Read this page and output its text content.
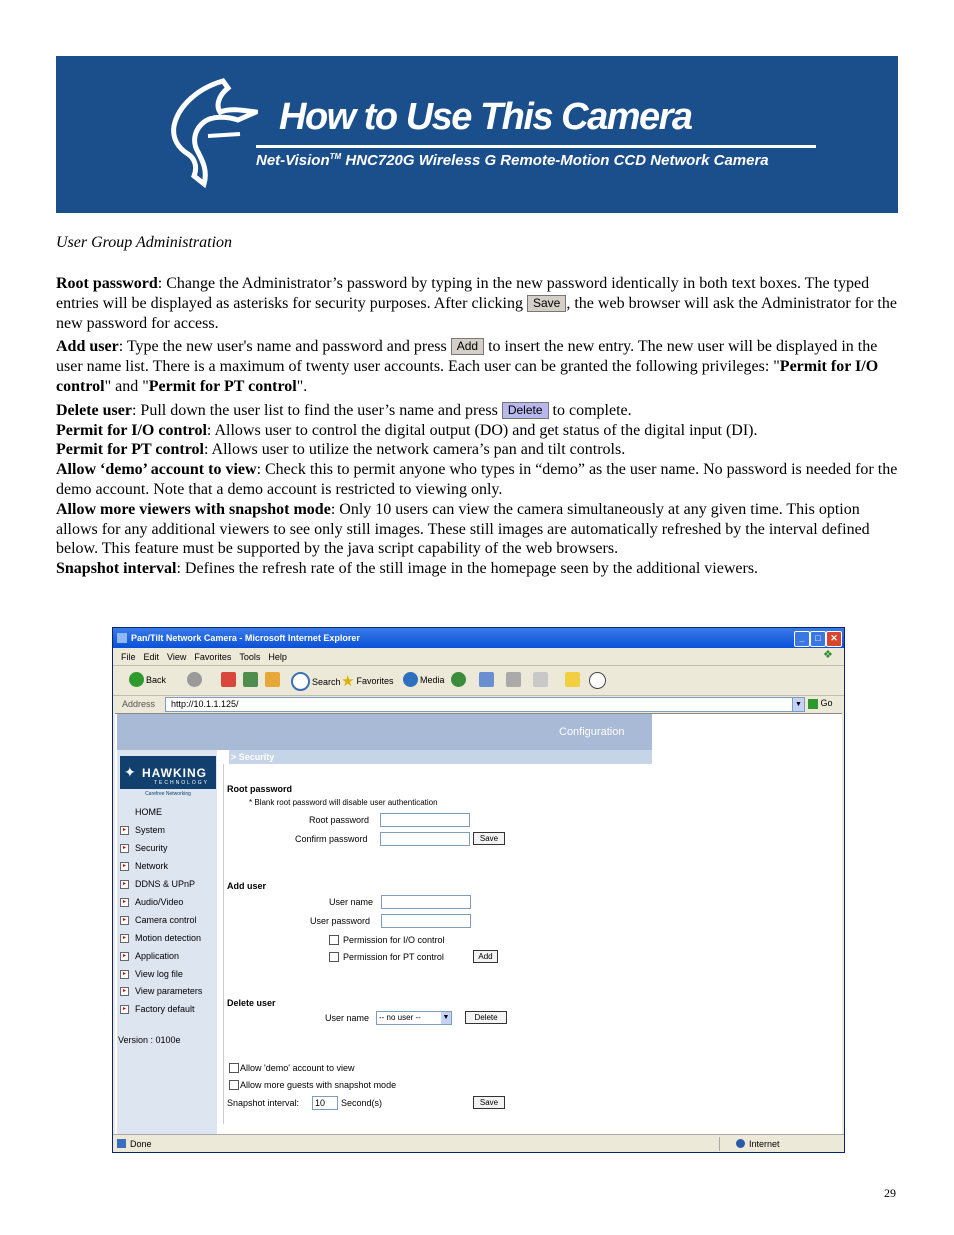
How to Use This Camera
Net-Vision™ HNC720G Wireless G Remote-Motion CCD Network Camera
User Group Administration

Root password: Change the Administrator’s password by typing in the new password identically in both text boxes. The typed entries will be displayed as asterisks for security purposes. After clicking Save , the web browser will ask the Administrator for the new password for access.

Add user: Type the new user's name and password and press Add to insert the new entry. The new user will be displayed in the user name list. There is a maximum of twenty user accounts. Each user can be granted the following privileges: "Permit for I/O control" and "Permit for PT control".

Delete user: Pull down the user list to find the user’s name and press Delete to complete.

Permit for I/O control: Allows user to control the digital output (DO) and get status of the digital input (DI).

Permit for PT control: Allows user to utilize the network camera’s pan and tilt controls.

Allow ‘demo’ account to view: Check this to permit anyone who types in “demo” as the user name. No password is needed for the demo account. Note that a demo account is restricted to viewing only.

Allow more viewers with snapshot mode: Only 10 users can view the camera simultaneously at any given time. This option allows for any additional viewers to see only still images. These still images are automatically refreshed by the interval defined below. This feature must be supported by the java script capability of the web browsers.

Snapshot interval: Defines the refresh rate of the still image in the homepage seen by the additional viewers.

Pan/Tilt Network Camera - Microsoft Internet Explorer	_	□	✕
File Edit View Favorites Tools Help	❖
Back	Search ★ Favorites	Media
Address http://10.1.1.125/	▼	Go
Configuration
> Security
✦ HAWKING
TECHNOLOGY
Carefree Networking
HOME
▸ System
▸ Security
▸ Network
▸ DDNS & UPnP
▸ Audio/Video
▸ Camera control
▸ Motion detection
▸ Application
▸ View log file
▸ View parameters
▸ Factory default
Version : 0100e
Root password
* Blank root password will disable user authentication
Root password
Confirm password	Save
Add user
User name
User password
Permission for I/O control
Permission for PT control	Add
Delete user
User name	-- no user --	▼	Delete
Allow 'demo' account to view
Allow more guests with snapshot mode
Snapshot interval:	10	Second(s)	Save
Done	Internet
29
